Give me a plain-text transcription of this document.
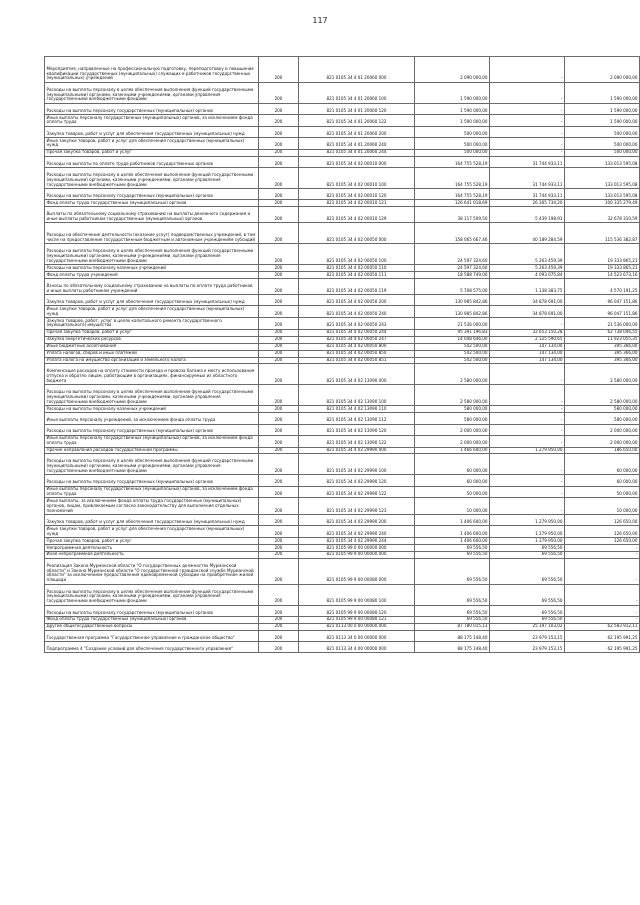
117
Мероприятия, направленные на профессиональную подготовку, переподготовку и повышение квалификации государственных (муниципальных) служащих и работников государственных (муниципальных) учреждений	200	821 0105 34 4 01 20060 000	2 090 000,00	-	2 090 000,00
Расходы на выплаты персоналу в целях обеспечения выполнения функций государственными (муниципальными) органами, казенными учреждениями, органами управления государственными внебюджетными фондами	200	821 0105 34 4 01 20060 100	1 590 000,00	-	1 590 000,00
Расходы на выплаты персоналу государственных (муниципальных) органов	200	821 0105 34 4 01 20060 120	1 590 000,00	-	1 590 000,00
Иные выплаты персоналу государственных (муниципальных) органов, за исключением фонда оплаты труда	200	821 0105 34 4 01 20060 122	1 590 000,00	-	1 590 000,00
Закупка товаров, работ и услуг для обеспечения государственных (муниципальных) нужд	200	821 0105 34 4 01 20060 200	500 000,00	-	500 000,00
Иные закупки товаров, работ и услуг для обеспечения государственных (муниципальных) нужд	200	821 0105 34 4 01 20060 240	500 000,00	-	500 000,00
Прочая закупка товаров, работ и услуг	200	821 0105 34 4 01 20060 244	500 000,00	-	500 000,00
Расходы на выплаты по оплате труда работников государственных органов	200	821 0105 34 4 02 00010 000	164 755 528,19	31 744 933,11	133 013 595,08
Расходы на выплаты персоналу в целях обеспечения выполнения функций государственными (муниципальными) органами, казенными учреждениями, органами управления государственными внебюджетными фондами	200	821 0105 34 4 02 00010 100	164 755 528,19	31 744 933,11	133 013 595,08
Расходы на выплаты персоналу государственных (муниципальных) органов	200	821 0105 34 4 02 00010 120	164 755 528,19	31 744 933,11	133 013 595,08
Фонд оплаты труда государственных (муниципальных) органов	200	821 0105 34 4 02 00010 121	126 641 018,69	26 305 734,20	100 335 279,49
Выплаты по обязательному социальному страхованию на выплаты денежного содержания и иные выплаты работникам государственных (муниципальных) органов	200	821 0105 34 4 02 00010 129	38 117 509,50	5 439 198,91	32 678 310,59
Расходы на обеспечение деятельности (оказание услуг) подведомственных учреждений, в том числе на предоставление государственным бюджетным и автономным учреждениям субсидий	200	821 0105 34 4 02 00050 000	158 065 667,46	40 189 284,59	115 536 382,87
Расходы на выплаты персоналу в целях обеспечения выполнения функций государственными (муниципальными) органами, казенными учреждениями, органами управления государственными внебюджетными фондами	200	821 0105 34 4 02 00050 100	24 597 324,60	5 263 459,39	19 333 865,21
Расходы на выплаты персоналу казенных учреждений	200	821 0105 34 4 02 00050 110	24 597 324,60	5 263 459,39	19 333 865,21
Фонд оплаты труда учреждений	200	821 0105 34 4 02 00050 111	18 588 749,00	4 093 075,84	14 523 673,16
Взносы по обязательному социальному страхованию на выплаты по оплате труда работников и иные выплаты работникам учреждений	200	821 0105 34 4 02 00050 119	5 708 575,00	1 138 383,75	4 570 191,25
Закупка товаров, работ и услуг для обеспечения государственных (муниципальных) нужд	200	821 0105 34 4 02 00050 200	130 985 842,86	34 878 691,00	96 047 151,86
Иные закупки товаров, работ и услуг для обеспечения государственных (муниципальных) нужд	200	821 0105 34 4 02 00050 240	130 985 842,86	34 878 691,00	96 047 151,86
Закупка товаров, работ, услуг в целях капитального ремонта государственного (муниципального) имущества	200	821 0105 34 4 02 00050 243	21 536 000,00	-	21 536 000,00
Прочая закупка товаров, работ и услуг	200	821 0105 34 4 02 00050 244	95 391 196,83	32 653 150,28	62 738 046,55
Закупка энергетических ресурсов	200	821 0105 34 4 02 00050 247	14 048 646,00	2 125 590,65	11 923 055,35
Иные бюджетные ассигнования	200	821 0105 34 4 02 00050 800	542 500,00	147 134,00	395 366,00
Уплата налогов, сборов и иных платежей	200	821 0105 34 4 02 00050 850	542 500,00	147 134,00	395 366,00
Уплата налога на имущество организаций и земельного налога	200	821 0105 34 4 02 00050 851	542 500,00	147 134,00	395 366,00
Компенсация расходов на оплату стоимости проезда и провоза багажа к месту использования отпуска и обратно лицам, работающим в организациях, финансируемых из областного бюджета	200	821 0105 34 4 02 13090 000	2 580 000,00	-	2 580 000,00
Расходы на выплаты персоналу в целях обеспечения выполнения функций государственными (муниципальными) органами, казенными учреждениями, органами управления государственными внебюджетными фондами	200	821 0105 34 4 02 13090 100	2 580 000,00	-	2 580 000,00
Расходы на выплаты персоналу казенных учреждений	200	821 0105 34 4 02 13090 110	580 000,00	-	580 000,00
Иные выплаты персоналу учреждений, за исключением фонда оплаты труда	200	821 0105 34 4 02 13090 112	580 000,00	-	580 000,00
Расходы на выплаты персоналу государственных (муниципальных) органов	200	821 0105 34 4 02 13090 120	2 000 000,00	-	2 000 000,00
Иные выплаты персоналу государственных (муниципальных) органов, за исключением фонда оплаты труда	200	821 0105 34 4 02 13090 122	2 000 000,00	-	2 000 000,00
Прочие направления расходов государственной программы	200	821 0105 34 4 02 29990 000	1 466 600,00	1 279 950,00	186 650,00
Расходы на выплаты персоналу в целях обеспечения выполнения функций государственными (муниципальными) органами, казенными учреждениями, органами управления государственными внебюджетными фондами	200	821 0105 34 4 02 29990 100	60 000,00	-	60 000,00
Расходы на выплаты персоналу государственных (муниципальных) органов	200	821 0105 34 4 02 29990 120	60 000,00	-	60 000,00
Иные выплаты персоналу государственных (муниципальных) органов, за исключением фонда оплаты труда	200	821 0105 34 4 02 29990 122	50 000,00	-	50 000,00
Иные выплаты, за исключением фонда оплаты труда государственных (муниципальных) органов, лицам, привлекаемым согласно законодательству для выполнения отдельных полномочий	200	821 0105 34 4 02 29990 123	10 000,00	-	10 000,00
Закупка товаров, работ и услуг для обеспечения государственных (муниципальных) нужд	200	821 0105 34 4 02 29990 200	1 406 600,00	1 279 950,00	126 650,00
Иные закупки товаров, работ и услуг для обеспечения государственных (муниципальных) нужд	200	821 0105 34 4 02 29990 240	1 406 600,00	1 279 950,00	126 650,00
Прочая закупка товаров, работ и услуг	200	821 0105 34 4 02 29990 244	1 406 600,00	1 279 950,00	126 650,00
Непрограммная деятельность	200	821 0105 99 0 00 00000 000	69 556,50	69 556,50	-
Иная непрограммная деятельность	200	821 0105 99 9 00 00000 000	69 556,50	69 556,50	-
Реализация Закона Мурманской области "О государственных должностях Мурманской области" и Закона Мурманской области "О государственной гражданской службе Мурманской области" за исключением предоставления единовременной субсидии на приобретение жилой площади	200	821 0105 99 9 00 00080 000	69 556,50	69 556,50	-
Расходы на выплаты персоналу в целях обеспечения выполнения функций государственными (муниципальными) органами, казенными учреждениями, органами управления государственными внебюджетными фондами	200	821 0105 99 9 00 00080 100	69 556,50	69 556,50	-
Расходы на выплаты персоналу государственных (муниципальных) органов	200	821 0105 99 9 00 00080 120	69 556,50	69 556,50	-
Фонд оплаты труда государственных (муниципальных) органов	200	821 0105 99 9 00 00080 121	69 556,50	69 556,50	-
Другие общегосударственные вопросы	200	821 0113 00 0 00 00000 000	87 780 015,13	25 197 103,02	62 583 912,11
Государственная программа "Государственное управление и гражданское общество"	200	821 0113 34 0 00 00000 000	88 175 148,40	23 979 153,15	62 195 991,25
Подпрограмма 4 "Создание условий для обеспечения государственного управления"	200	821 0113 34 4 00 00000 000	88 175 148,40	23 979 153,15	62 195 991,25
